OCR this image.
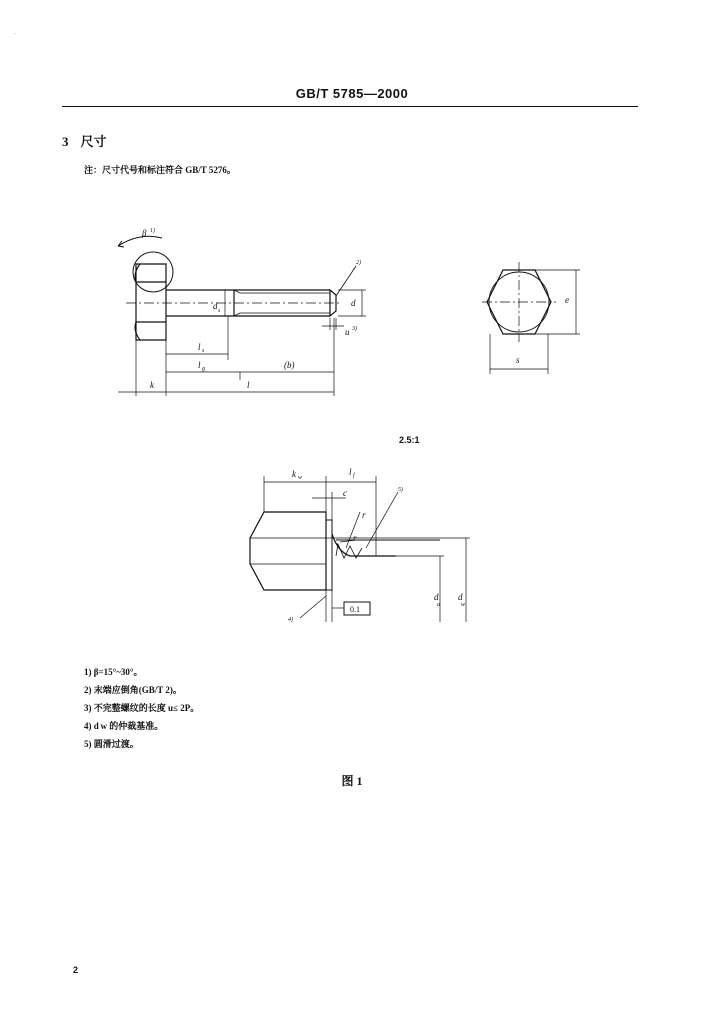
GB/T 5785—2000
·
3 尺寸
注：尺寸代号和标注符合 GB/T 5276。
β 1)
2)
d s
d
u 3)
l s
l g	(b)
k	l
e
s
k w
l f
c
r
r
5)
4)
d
a
d
w
0.1
2.5:1
1) β=15°~30°。
2) 末端应倒角(GB/T 2)。
3) 不完整螺纹的长度 u≤ 2P。
4) d w 的仲裁基准。
5) 圆滑过渡。
图 1
2
